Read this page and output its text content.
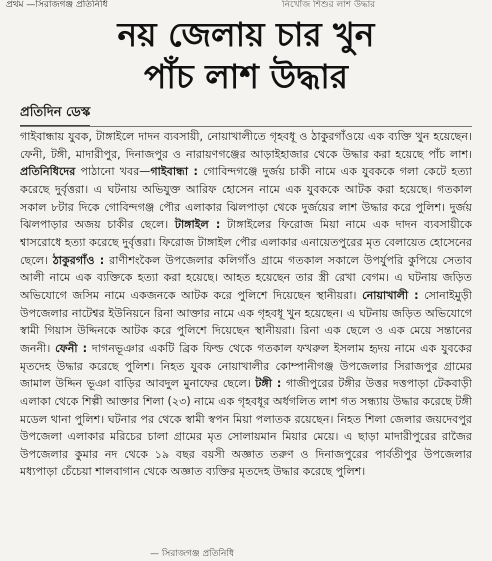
প্রথম —সিরাজগঞ্জ প্রতিনিধি	নিখোঁজ শিশুর লাশ উদ্ধার
নয় জেলায় চার খুন
পাঁচ লাশ উদ্ধার
প্রতিদিন ডেস্ক

গাইবান্ধায় যুবক, টাঙ্গাইলে দাদন ব্যবসায়ী, নোয়াখালীতে গৃহবধূ ও ঠাকুরগাঁওয়ে এক ব্যক্তি খুন হয়েছেন। ফেনী, টঙ্গী, মাদারীপুর, দিনাজপুর ও নারায়ণগঞ্জের আড়াইহাজার থেকে উদ্ধার করা হয়েছে পাঁচ লাশ। প্রতিনিধিদের পাঠানো খবর—গাইবান্ধা : গোবিন্দগঞ্জে দুর্জয় চাকী নামে এক যুবককে গলা কেটে হত্যা করেছে দুর্বৃত্তরা। এ ঘটনায় অভিযুক্ত আরিফ হোসেন নামে এক যুবককে আটক করা হয়েছে। গতকাল সকাল ৮টার দিকে গোবিন্দগঞ্জ পৌর এলাকার ঝিলপাড়া থেকে দুর্জয়ের লাশ উদ্ধার করে পুলিশ। দুর্জয় ঝিলপাড়ার অজয় চাকীর ছেলে। টাঙ্গাইল : টাঙ্গাইলের ফিরোজ মিয়া নামে এক দাদন ব্যবসায়ীকে শ্বাসরোধে হত্যা করেছে দুর্বৃত্তরা। ফিরোজ টাঙ্গাইল পৌর এলাকার এনায়েতপুরের মৃত বেলায়েত হোসেনের ছেলে। ঠাকুরগাঁও : রাণীশংকৈল উপজেলার কলিগাঁও গ্রামে গতকাল সকালে উপর্যুপরি কুপিয়ে সেতাব আলী নামে এক ব্যক্তিকে হত্যা করা হয়েছে। আহত হয়েছেন তার স্ত্রী রেখা বেগম। এ ঘটনায় জড়িত অভিযোগে জসিম নামে একজনকে আটক করে পুলিশে দিয়েছেন স্থানীয়রা। নোয়াখালী : সোনাইমুড়ী উপজেলার নাটেশ্বর ইউনিয়নে রিনা আক্তার নামে এক গৃহবধূ খুন হয়েছেন। এ ঘটনায় জড়িত অভিযোগে স্বামী গিয়াস উদ্দিনকে আটক করে পুলিশে দিয়েছেন স্থানীয়রা। রিনা এক ছেলে ও এক মেয়ে সন্তানের জননী। ফেনী : দাগনভূঞার একটি ব্রিক ফিল্ড থেকে গতকাল ফখরুল ইসলাম হৃদয় নামে এক যুবকের মৃতদেহ উদ্ধার করেছে পুলিশ। নিহত যুবক নোয়াখালীর কোম্পানীগঞ্জ উপজেলার সিরাজপুর গ্রামের জামাল উদ্দিন ভূঞা বাড়ির আবদুল মুনাফের ছেলে। টঙ্গী : গাজীপুরের টঙ্গীর উত্তর দত্তপাড়া টেকবাড়ী এলাকা থেকে শিল্পী আক্তার শিলা (২৩) নামে এক গৃহবধূর অর্ধগলিত লাশ গত সন্ধ্যায় উদ্ধার করেছে টঙ্গী মডেল থানা পুলিশ। ঘটনার পর থেকে স্বামী স্বপন মিয়া পলাতক রয়েছেন। নিহত শিলা জেলার জয়দেবপুর উপজেলা এলাকার মরিচের চালা গ্রামের মৃত সোলায়মান মিয়ার মেয়ে। এ ছাড়া মাদারীপুরের রাজৈর উপজেলার কুমার নদ থেকে ১৯ বছর বয়সী অজ্ঞাত তরুণ ও দিনাজপুরের পার্বতীপুর উপজেলার মধ্যপাড়া চেঁচেয়া শালবাগান থেকে অজ্ঞাত ব্যক্তির মৃতদেহ উদ্ধার করেছে পুলিশ।

— সিরাজগঞ্জ প্রতিনিধি
